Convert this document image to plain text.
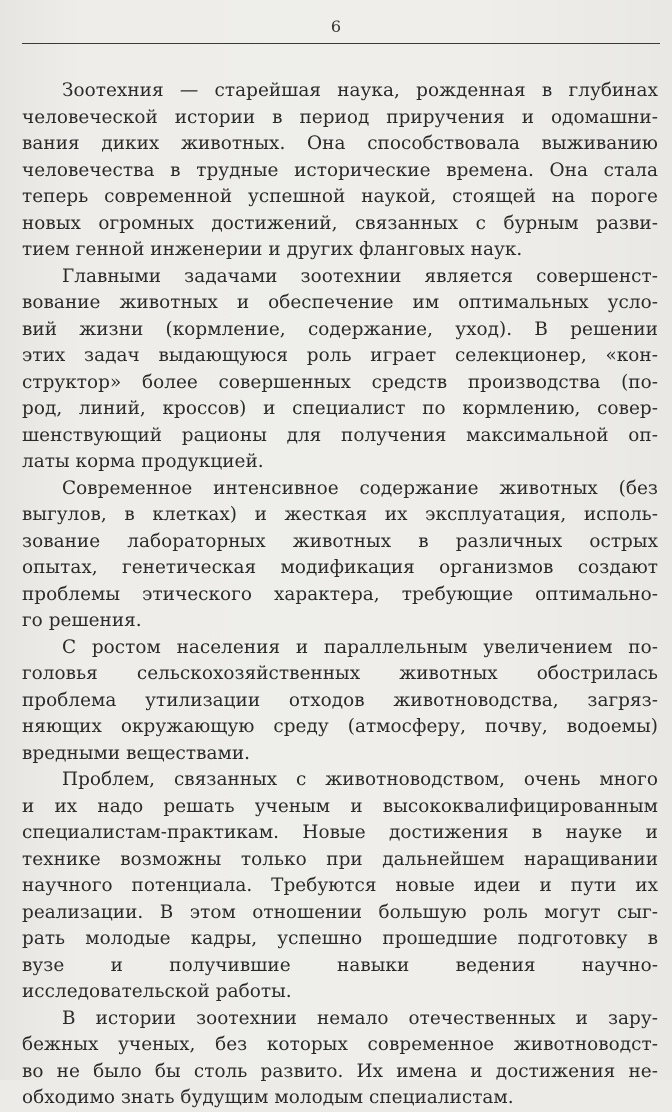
6

Зоотехния — старейшая наука, рожденная в глубинах
человеческой истории в период приручения и одомашни-
вания диких животных. Она способствовала выживанию
человечества в трудные исторические времена. Она стала
теперь современной успешной наукой, стоящей на пороге
новых огромных достижений, связанных с бурным разви-
тием генной инженерии и других фланговых наук.

Главными задачами зоотехнии является совершенст-
вование животных и обеспечение им оптимальных усло-
вий жизни (кормление, содержание, уход). В решении
этих задач выдающуюся роль играет селекционер, «кон-
структор» более совершенных средств производства (по-
род, линий, кроссов) и специалист по кормлению, совер-
шенствующий рационы для получения максимальной оп-
латы корма продукцией.

Современное интенсивное содержание животных (без
выгулов, в клетках) и жесткая их эксплуатация, исполь-
зование лабораторных животных в различных острых
опытах, генетическая модификация организмов создают
проблемы этического характера, требующие оптимально-
го решения.

С ростом населения и параллельным увеличением по-
головья сельскохозяйственных животных обострилась
проблема утилизации отходов животноводства, загряз-
няющих окружающую среду (атмосферу, почву, водоемы)
вредными веществами.

Проблем, связанных с животноводством, очень много
и их надо решать ученым и высококвалифицированным
специалистам-практикам. Новые достижения в науке и
технике возможны только при дальнейшем наращивании
научного потенциала. Требуются новые идеи и пути их
реализации. В этом отношении большую роль могут сыг-
рать молодые кадры, успешно прошедшие подготовку в
вузе и получившие навыки ведения научно-
исследовательской работы.

В истории зоотехнии немало отечественных и зару-
бежных ученых, без которых современное животноводст-
во не было бы столь развито. Их имена и достижения не-
обходимо знать будущим молодым специалистам.
